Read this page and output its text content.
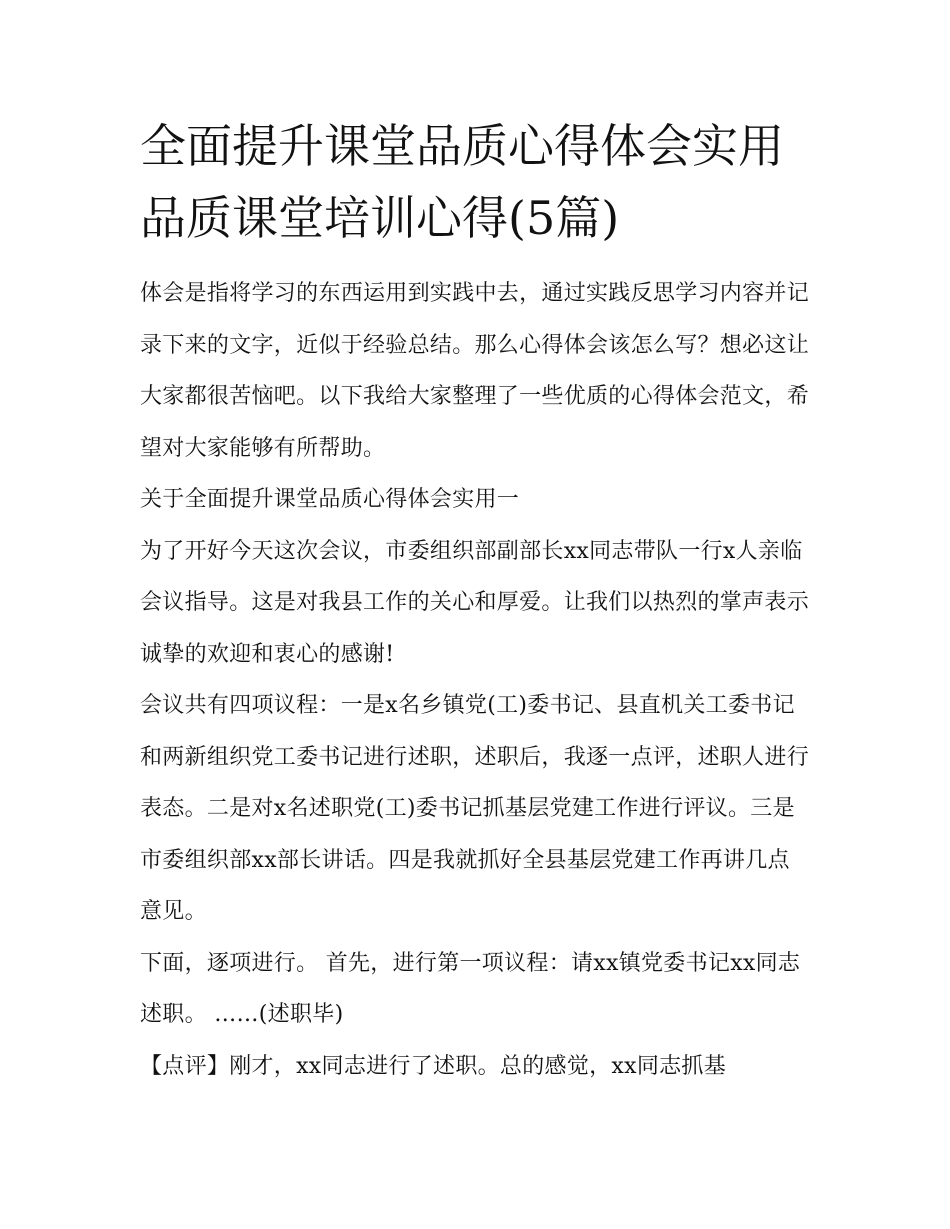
全面提升课堂品质心得体会实用 品质课堂培训心得(5篇)

体会是指将学习的东西运用到实践中去，通过实践反思学习内容并记录下来的文字，近似于经验总结。那么心得体会该怎么写？想必这让大家都很苦恼吧。以下我给大家整理了一些优质的心得体会范文，希望对大家能够有所帮助。

关于全面提升课堂品质心得体会实用一

为了开好今天这次会议，市委组织部副部长xx同志带队一行x人亲临会议指导。这是对我县工作的关心和厚爱。让我们以热烈的掌声表示诚挚的欢迎和衷心的感谢!

会议共有四项议程：一是x名乡镇党(工)委书记、县直机关工委书记和两新组织党工委书记进行述职，述职后，我逐一点评，述职人进行表态。二是对x名述职党(工)委书记抓基层党建工作进行评议。三是市委组织部xx部长讲话。四是我就抓好全县基层党建工作再讲几点意见。

下面，逐项进行。 首先，进行第一项议程：请xx镇党委书记xx同志述职。 ……(述职毕)

【点评】刚才，xx同志进行了述职。总的感觉，xx同志抓基
